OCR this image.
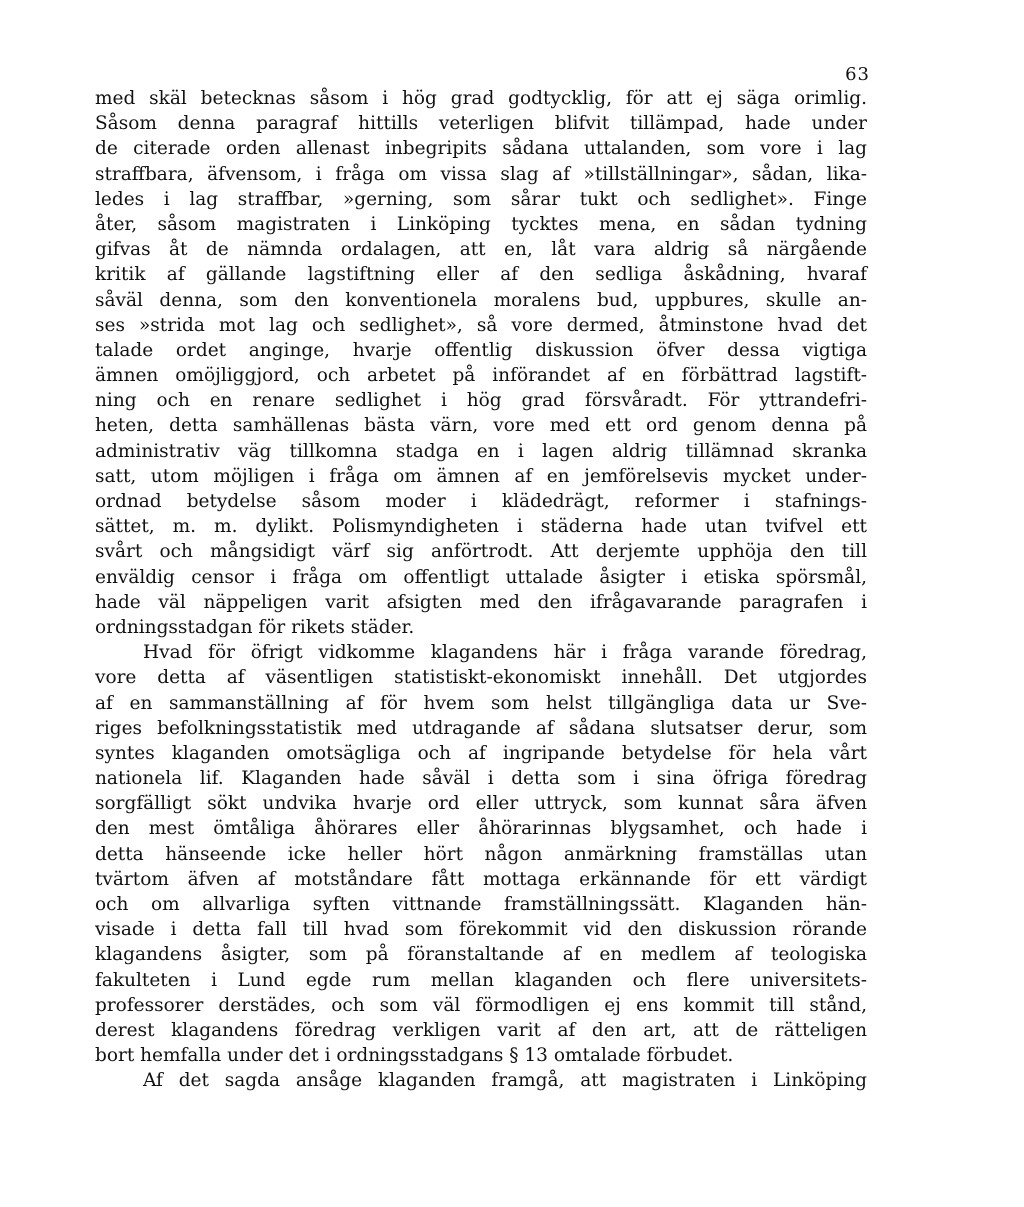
63
med skäl betecknas såsom i hög grad godtycklig, för att ej säga orimlig.
Såsom denna paragraf hittills veterligen blifvit tillämpad, hade under
de citerade orden allenast inbegripits sådana uttalanden, som vore i lag
straffbara, äfvensom, i fråga om vissa slag af »tillställningar», sådan, lika-
ledes i lag straffbar, »gerning, som sårar tukt och sedlighet». Finge
åter, såsom magistraten i Linköping tycktes mena, en sådan tydning
gifvas åt de nämnda ordalagen, att en, låt vara aldrig så närgående
kritik af gällande lagstiftning eller af den sedliga åskådning, hvaraf
såväl denna, som den konventionela moralens bud, uppbures, skulle an-
ses »strida mot lag och sedlighet», så vore dermed, åtminstone hvad det
talade ordet anginge, hvarje offentlig diskussion öfver dessa vigtiga
ämnen omöjliggjord, och arbetet på införandet af en förbättrad lagstift-
ning och en renare sedlighet i hög grad försvåradt. För yttrandefri-
heten, detta samhällenas bästa värn, vore med ett ord genom denna på
administrativ väg tillkomna stadga en i lagen aldrig tillämnad skranka
satt, utom möjligen i fråga om ämnen af en jemförelsevis mycket under-
ordnad betydelse såsom moder i klädedrägt, reformer i stafnings-
sättet, m. m. dylikt. Polismyndigheten i städerna hade utan tvifvel ett
svårt och mångsidigt värf sig anförtrodt. Att derjemte upphöja den till
enväldig censor i fråga om offentligt uttalade åsigter i etiska spörsmål,
hade väl näppeligen varit afsigten med den ifrågavarande paragrafen i
ordningsstadgan för rikets städer.
Hvad för öfrigt vidkomme klagandens här i fråga varande föredrag,
vore detta af väsentligen statistiskt-ekonomiskt innehåll. Det utgjordes
af en sammanställning af för hvem som helst tillgängliga data ur Sve-
riges befolkningsstatistik med utdragande af sådana slutsatser derur, som
syntes klaganden omotsägliga och af ingripande betydelse för hela vårt
nationela lif. Klaganden hade såväl i detta som i sina öfriga föredrag
sorgfälligt sökt undvika hvarje ord eller uttryck, som kunnat såra äfven
den mest ömtåliga åhörares eller åhörarinnas blygsamhet, och hade i
detta hänseende icke heller hört någon anmärkning framställas utan
tvärtom äfven af motståndare fått mottaga erkännande för ett värdigt
och om allvarliga syften vittnande framställningssätt. Klaganden hän-
visade i detta fall till hvad som förekommit vid den diskussion rörande
klagandens åsigter, som på föranstaltande af en medlem af teologiska
fakulteten i Lund egde rum mellan klaganden och flere universitets-
professorer derstädes, och som väl förmodligen ej ens kommit till stånd,
derest klagandens föredrag verkligen varit af den art, att de rätteligen
bort hemfalla under det i ordningsstadgans § 13 omtalade förbudet.
Af det sagda ansåge klaganden framgå, att magistraten i Linköping
